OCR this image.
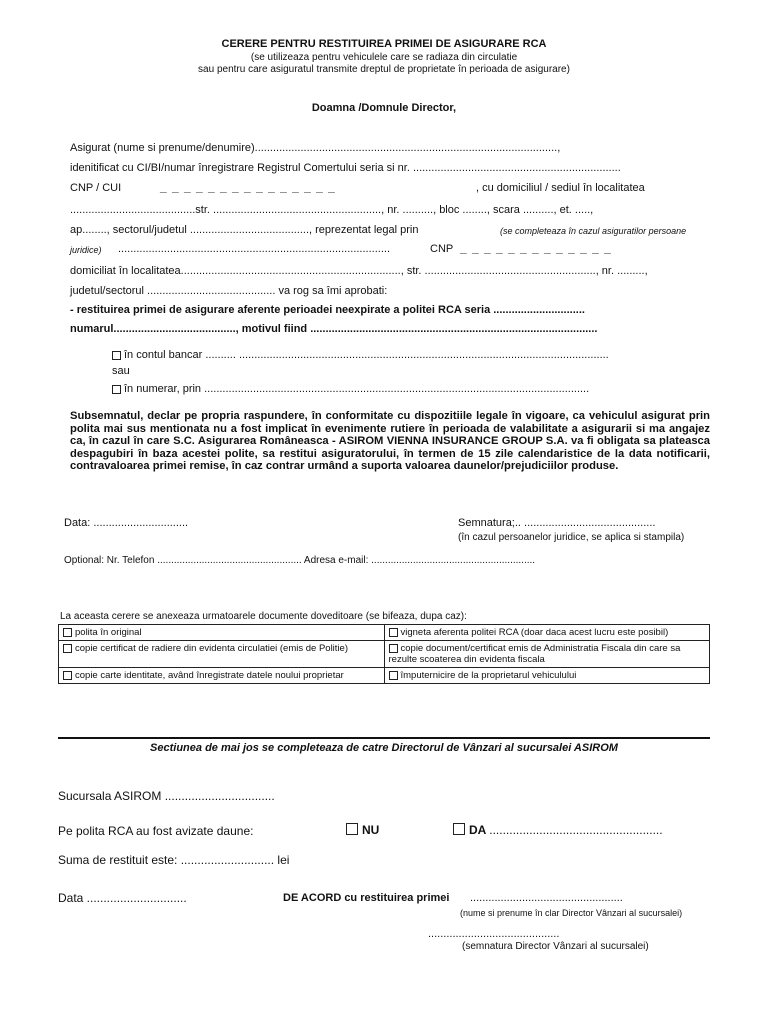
CERERE PENTRU RESTITUIREA PRIMEI DE ASIGURARE RCA
(se utilizeaza pentru vehiculele care se radiaza din circulatie
sau pentru care asiguratul transmite dreptul de proprietate în perioada de asigurare)
Doamna /Domnule Director,
Asigurat (nume si prenume/denumire)...................................................................................................,
idenitificat cu CI/BI/numar înregistrare Registrul Comertului seria si nr. ....................................................................
CNP / CUI	_ _ _ _ _ _ _ _ _ _ _ _ _ _ _	, cu domiciliul / sediul în localitatea
.........................................str. ......................................................., nr. .........., bloc ........, scara .........., et. .....,
ap........, sectorul/judetul ......................................., reprezentat legal prin	(se completeaza în cazul asiguratilor persoane
juridice) .........................................................................................	CNP _ _ _ _ _ _ _ _ _ _ _ _ _
domiciliat în localitatea........................................................................, str. ........................................................, nr. .........,
judetul/sectorul .......................................... va rog sa îmi aprobati:
- restituirea primei de asigurare aferente perioadei neexpirate a politei RCA seria ..............................
numarul........................................, motivul fiind ..............................................................................................
în contul bancar .......... .........................................................................................................................
sau
în numerar, prin ..............................................................................................................................
Subsemnatul, declar pe propria raspundere, în conformitate cu dispozitiile legale în vigoare, ca vehiculul asigurat prin polita mai sus mentionata nu a fost implicat în evenimente rutiere în perioada de valabilitate a asigurarii si ma angajez ca, în cazul în care S.C. Asigurarea Româneasca - ASIROM VIENNA INSURANCE GROUP S.A. va fi obligata sa plateasca despagubiri în baza acestei polite, sa restitui asiguratorului, în termen de 15 zile calendaristice de la data notificarii, contravaloarea primei remise, în caz contrar urmând a suporta valoarea daunelor/prejudiciilor produse.
Data: ...............................	Semnatura;.. ...........................................
(în cazul persoanelor juridice, se aplica si stampila)
Optional: Nr. Telefon .................................................... Adresa e-mail: ...........................................................
La aceasta cerere se anexeaza urmatoarele documente doveditoare (se bifeaza, dupa caz):
polita în original	vigneta aferenta politei RCA (doar daca acest lucru este posibil)
copie certificat de radiere din evidenta circulatiei (emis de Politie)	copie document/certificat emis de Administratia Fiscala din care sa rezulte scoaterea din evidenta fiscala
copie carte identitate, având înregistrate datele noului proprietar	împuternicire de la proprietarul vehiculului
Sectiunea de mai jos se completeaza de catre Directorul de Vânzari al sucursalei ASIROM
Sucursala ASIROM .................................
Pe polita RCA au fost avizate daune:	NU	DA ....................................................
Suma de restituit este: ............................ lei
Data ..............................	DE ACORD cu restituirea primei ..................................................
(nume si prenume în clar Director Vânzari al sucursalei)
...........................................
(semnatura Director Vânzari al sucursalei)
